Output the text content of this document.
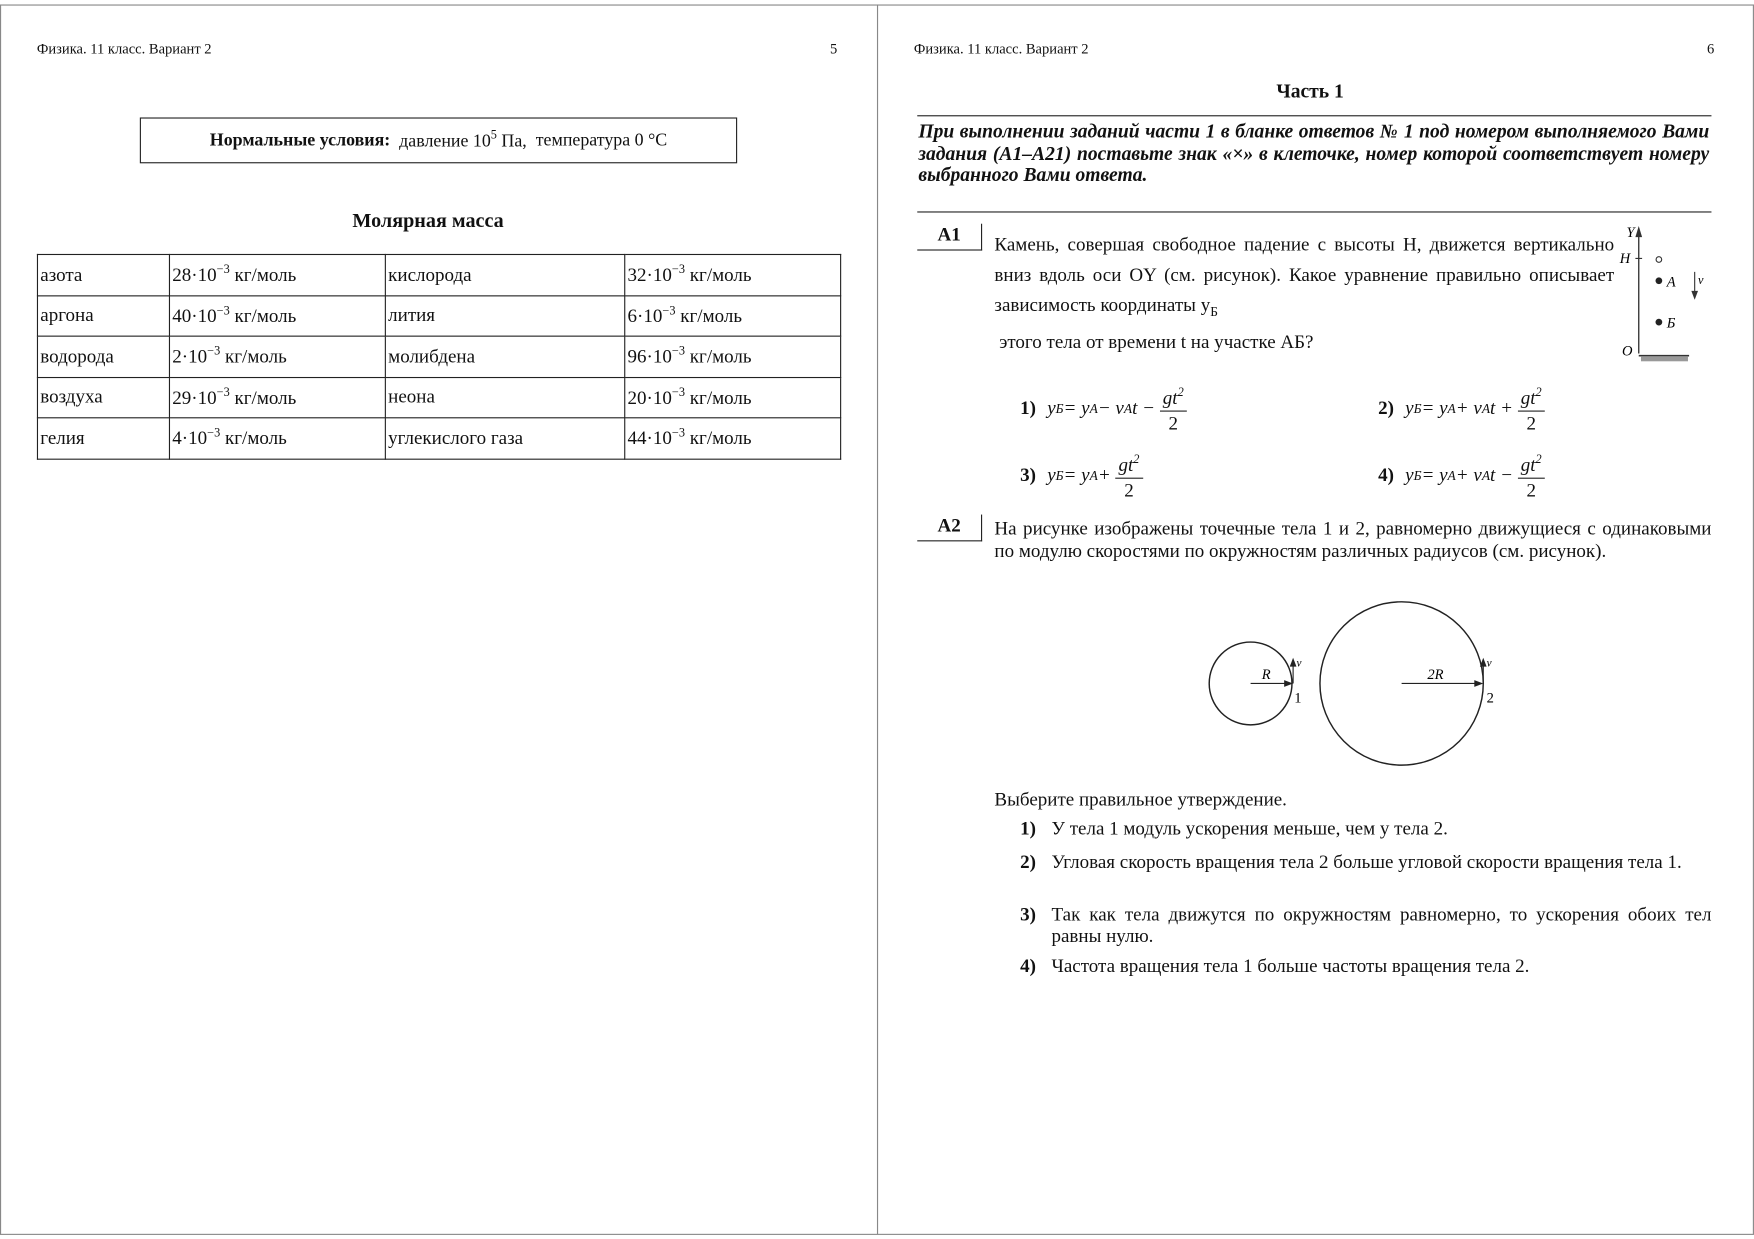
Физика. 11 класс. Вариант 2	5
Нормальные условия:
давление $10^5$ Па,
температура 0 °C
Молярная масса
азота	$28\cdot 10^{-3}$ кг/моль	кислорода	$32\cdot 10^{-3}$ кг/моль
аргона	$40\cdot 10^{-3}$ кг/моль	лития	$6\cdot 10^{-3}$ кг/моль
водорода	$2\cdot 10^{-3}$ кг/моль	молибдена	$96\cdot 10^{-3}$ кг/моль
воздуха	$29\cdot 10^{-3}$ кг/моль	неона	$20\cdot 10^{-3}$ кг/моль
гелия	$4\cdot 10^{-3}$ кг/моль	углекислого газа	$44\cdot 10^{-3}$ кг/моль
Физика. 11 класс. Вариант 2	6
Часть 1
При выполнении заданий части 1 в бланке ответов № 1 под номером выполняемого Вами задания (А1–А21) поставьте знак «×» в клеточке, номер которой соответствует номеру выбранного Вами ответа.
А1	Камень, совершая свободное падение с высоты H, движется вертикально вниз вдоль оси OY (см. рисунок). Какое уравнение правильно описывает зависимость координаты $y_Б$
этого тела от времени t на участке АБ?
Y
H
O
A
Б
v
1) y Б = y A − v A $t - \frac{gt^2}{2}$	2) y Б = y A + v A $t + \frac{gt^2}{2}$
3) y Б = y $A + \frac{gt^2}{2}$	4) y Б = y A + v A $t - \frac{gt^2}{2}$
А2	На рисунке изображены точечные тела 1 и 2, равномерно движущиеся с одинаковыми по модулю скоростями по окружностям различных радиусов (см. рисунок).
R
1
v
2R
2
v
Выберите правильное утверждение.
1) У тела 1 модуль ускорения меньше, чем у тела 2.
2) Угловая скорость вращения тела 2 больше угловой скорости вращения тела 1.
3) Так как тела движутся по окружностям равномерно, то ускорения обоих тел равны нулю.
4) Частота вращения тела 1 больше частоты вращения тела 2.
